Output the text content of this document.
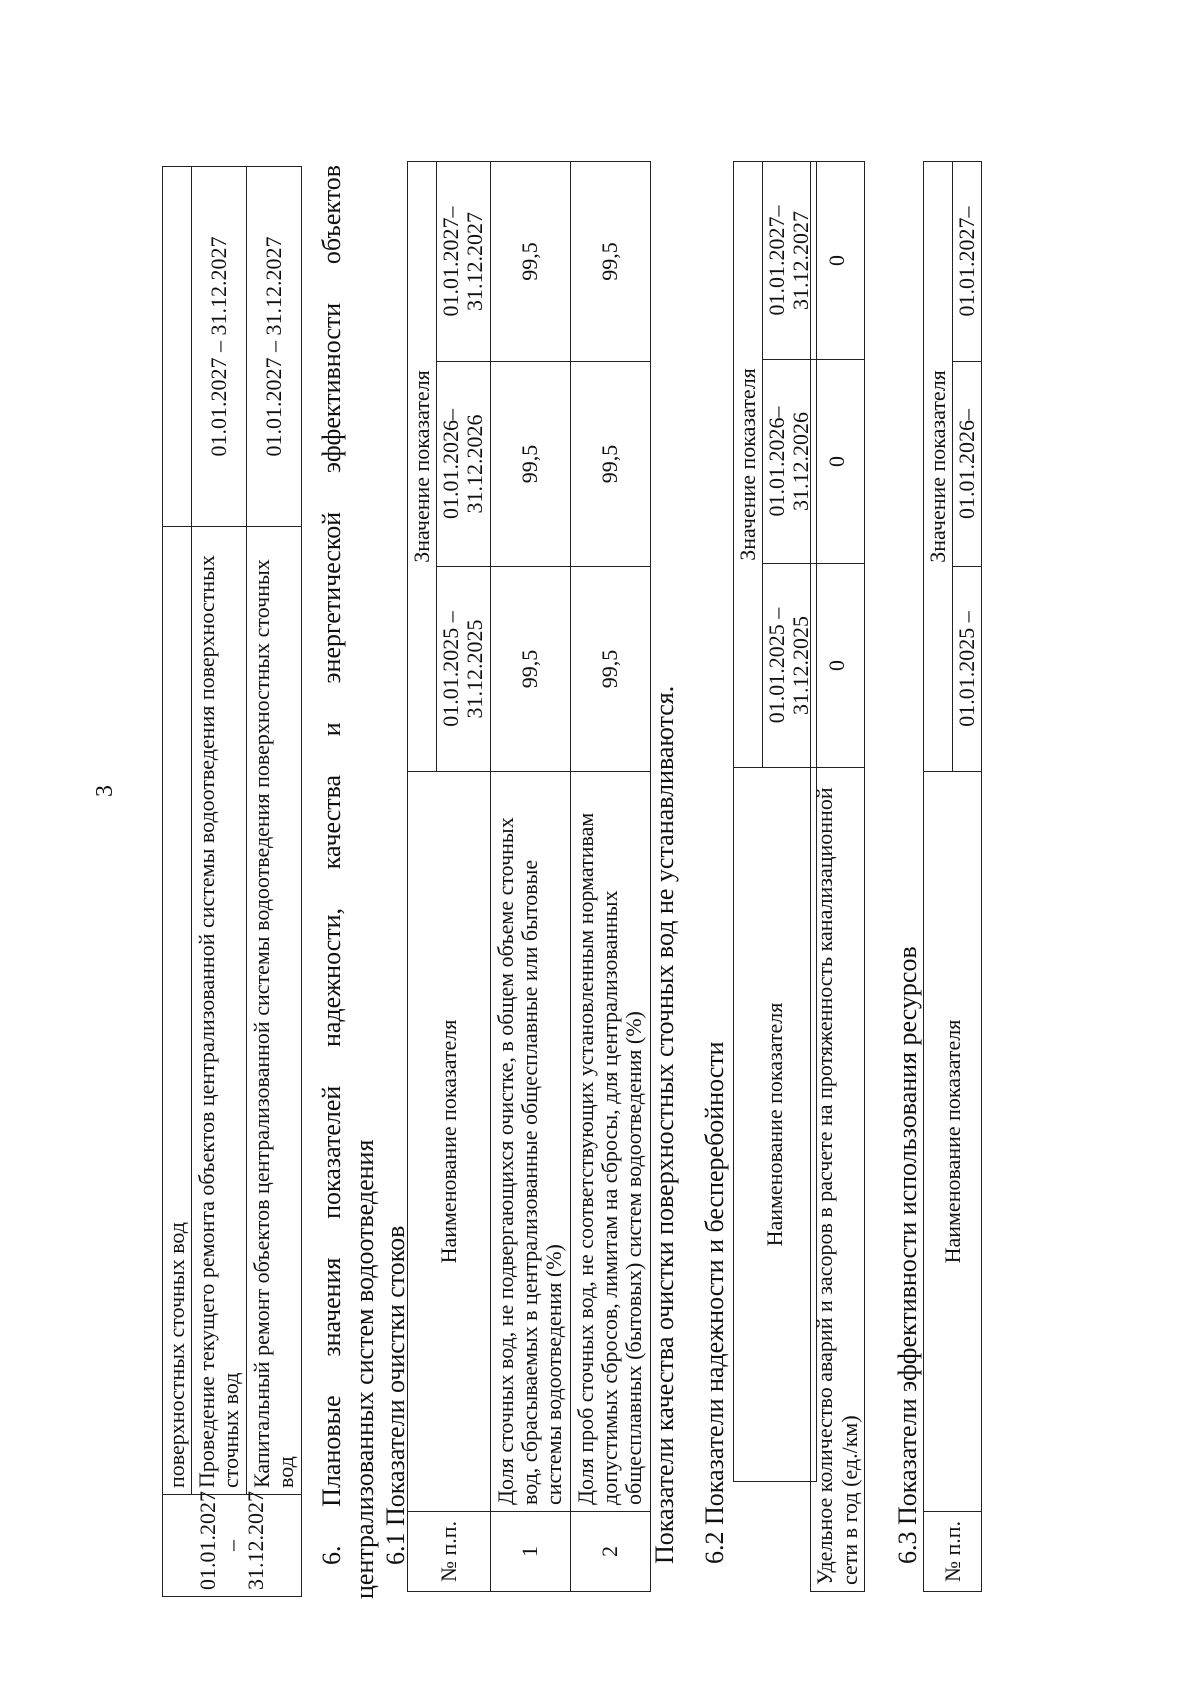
3
01.01.2027 – 31.12.2027	поверхностных сточных вод	
	Проведение текущего ремонта объектов централизованной системы водоотведения поверхностных сточных вод	01.01.2027 – 31.12.2027
	Капитальный ремонт объектов централизованной системы водоотведения поверхностных сточных вод	01.01.2027 – 31.12.2027 6. Плановые значения показателей надежности, качества и энергетической эффективности объектов централизованных систем водоотведения 6.1 Показатели очистки стоков № п.п.	Наименование показателя	Значение показателя		
		01.01.2025 – 31.12.2025	01.01.2026– 31.12.2026	01.01.2027– 31.12.2027
1	Доля сточных вод, не подвергающихся очистке, в общем объеме сточных вод, сбрасываемых в централизованные общесплавные или бытовые системы водоотведения (%)	99,5	99,5	99,5
2	Доля проб сточных вод, не соответствующих установленным нормативам допустимых сбросов, лимитам на сбросы, для централизованных общесплавных (бытовых) систем водоотведения (%)	99,5	99,5	99,5
Показатели качества очистки поверхностных сточных вод не устанавливаются. 6.2 Показатели надежности и бесперебойности Наименование показателя	Значение показателя		
	01.01.2025 – 31.12.2025	01.01.2026– 31.12.2026	01.01.2027– 31.12.2027
Удельное количество аварий и засоров в расчете на протяженность канализационной сети в год (ед./км)	0	0	0
6.3 Показатели эффективности использования ресурсов № п.п.	Наименование показателя	Значение показателя		
		01.01.2025 –	01.01.2026–	01.01.2027–
